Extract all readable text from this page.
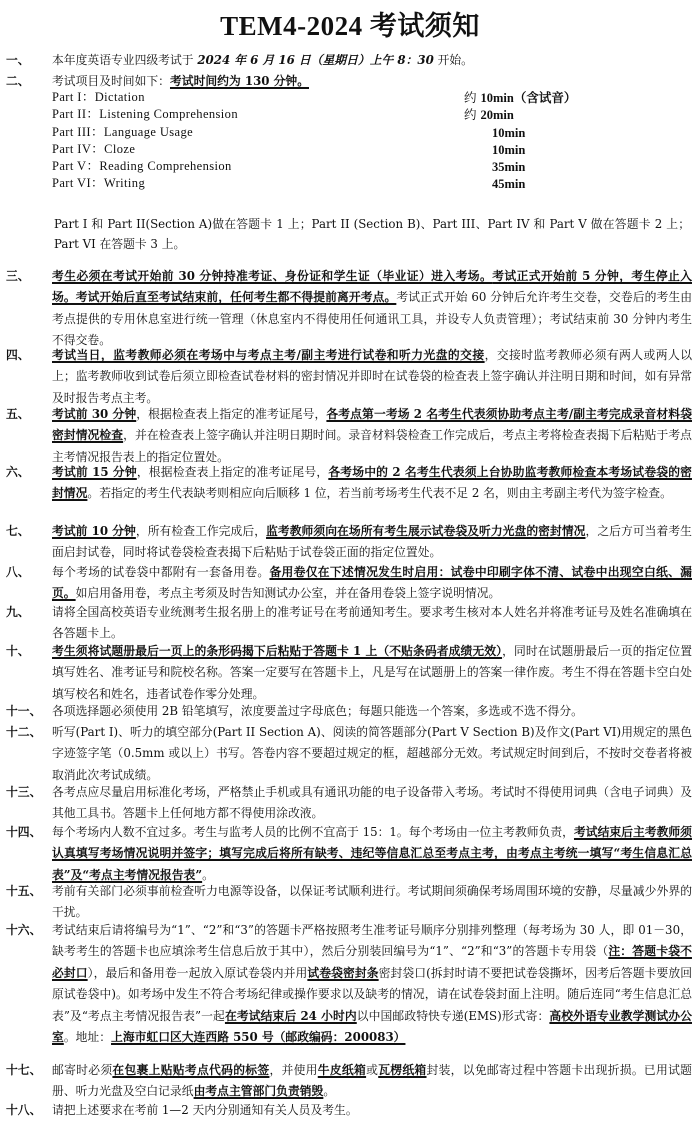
TEM4-2024 考试须知
Part I：Dictation	约 10min（含试音）
Part II：Listening Comprehension	约 20min
Part III：Language Usage	10min
Part IV：Cloze	10min
Part V：Reading Comprehension	35min
Part VI：Writing	45min
Part I 和 Part II(Section A)做在答题卡 1 上；Part II (Section B)、Part III、Part IV 和 Part V 做在答题卡 2 上；Part VI 在答题卡 3 上。
一、	本年度英语专业四级考试于 2024 年 6 月 16 日（星期日）上午 8：30 开始。
二、	考试项目及时间如下：考试时间约为 130 分钟。
三、	考生必须在考试开始前 30 分钟持准考证、身份证和学生证（毕业证）进入考场。考试正式开始前 5 分钟，考生停止入场。考试开始后直至考试结束前，任何考生都不得提前离开考点。考试正式开始 60 分钟后允许考生交卷，交卷后的考生由考点提供的专用休息室进行统一管理（休息室内不得使用任何通讯工具，并设专人负责管理）；考试结束前 30 分钟内考生不得交卷。
四、	考试当日，监考教师必须在考场中与考点主考/副主考进行试卷和听力光盘的交接，交接时监考教师必须有两人或两人以上；监考教师收到试卷后须立即检查试卷材料的密封情况并即时在试卷袋的检查表上签字确认并注明日期和时间，如有异常及时报告考点主考。
五、	考试前 30 分钟，根据检查表上指定的准考证尾号，各考点第一考场 2 名考生代表须协助考点主考/副主考完成录音材料袋密封情况检查，并在检查表上签字确认并注明日期时间。录音材料袋检查工作完成后，考点主考将检查表揭下后粘贴于考点主考情况报告表上的指定位置处。
六、	考试前 15 分钟，根据检查表上指定的准考证尾号，各考场中的 2 名考生代表须上台协助监考教师检查本考场试卷袋的密封情况。若指定的考生代表缺考则相应向后顺移 1 位，若当前考场考生代表不足 2 名，则由主考副主考代为签字检查。
七、	考试前 10 分钟，所有检查工作完成后，监考教师须向在场所有考生展示试卷袋及听力光盘的密封情况，之后方可当着考生面启封试卷，同时将试卷袋检查表揭下后粘贴于试卷袋正面的指定位置处。
八、	每个考场的试卷袋中都附有一套备用卷。备用卷仅在下述情况发生时启用：试卷中印刷字体不清、试卷中出现空白纸、漏页。如启用备用卷，考点主考须及时告知测试办公室，并在备用卷袋上签字说明情况。
九、	请将全国高校英语专业统测考生报名册上的准考证号在考前通知考生。要求考生核对本人姓名并将准考证号及姓名准确填在各答题卡上。
十、	考生须将试题册最后一页上的条形码揭下后粘贴于答题卡 1 上（不贴条码者成绩无效），同时在试题册最后一页的指定位置填写姓名、准考证号和院校名称。答案一定要写在答题卡上，凡是写在试题册上的答案一律作废。考生不得在答题卡空白处填写校名和姓名，违者试卷作零分处理。
十一、 各项选择题必须使用 2B 铅笔填写，浓度要盖过字母底色；每题只能选一个答案，多选或不选不得分。
十二、 听写(Part I)、听力的填空部分(Part II Section A)、阅读的简答题部分(Part V Section B)及作文(Part VI)用规定的黑色字迹签字笔（0.5mm 或以上）书写。答卷内容不要超过规定的框，超越部分无效。考试规定时间到后，不按时交卷者将被取消此次考试成绩。
十三、 各考点应尽量启用标准化考场，严格禁止手机或具有通讯功能的电子设备带入考场。考试时不得使用词典（含电子词典）及其他工具书。答题卡上任何地方都不得使用涂改液。
十四、 每个考场内人数不宜过多。考生与监考人员的比例不宜高于 15：1。每个考场由一位主考教师负责，考试结束后主考教师须认真填写考场情况说明并签字；填写完成后将所有缺考、违纪等信息汇总至考点主考，由考点主考统一填写“考生信息汇总表”及“考点主考情况报告表”。
十五、 考前有关部门必须事前检查听力电源等设备，以保证考试顺利进行。考试期间须确保考场周围环境的安静，尽量减少外界的干扰。
十六、 考试结束后请将编号为“1”、“2”和“3”的答题卡严格按照考生准考证号顺序分别排列整理（每考场为 30 人，即 01－30，缺考考生的答题卡也应填涂考生信息后放于其中），然后分别装回编号为“1”、“2”和“3”的答题卡专用袋（注：答题卡袋不必封口），最后和备用卷一起放入原试卷袋内并用试卷袋密封条密封袋口(拆封时请不要把试卷袋撕坏，因考后答题卡要放回原试卷袋中)。如考场中发生不符合考场纪律或操作要求以及缺考的情况，请在试卷袋封面上注明。随后连同“考生信息汇总表”及“考点主考情况报告表”一起在考试结束后 24 小时内以中国邮政特快专递(EMS)形式寄：高校外语专业教学测试办公室。地址：上海市虹口区大连西路 550 号（邮政编码：200083）
十七、 邮寄时必须在包裹上贴贴考点代码的标签，并使用牛皮纸箱或瓦楞纸箱封装，以免邮寄过程中答题卡出现折损。已用试题册、听力光盘及空白记录纸由考点主管部门负责销毁。
十八、 请把上述要求在考前 1—2 天内分别通知有关人员及考生。
